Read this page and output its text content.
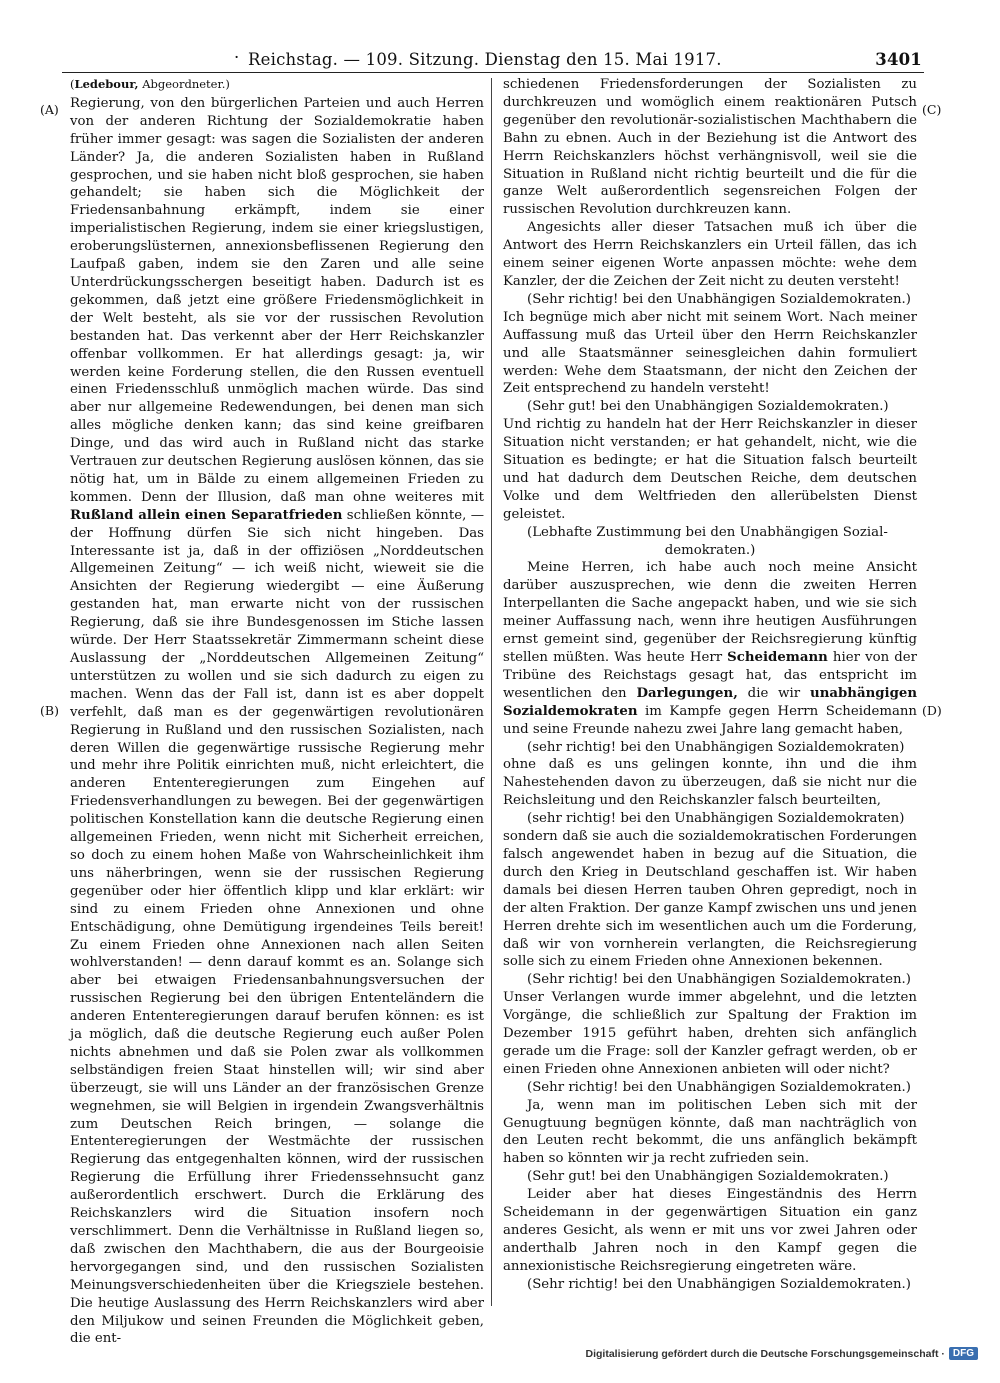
· Reichstag. — 109. Sitzung. Dienstag den 15. Mai 1917.	3401
(A)
(B)
(C)
(D)

(Ledebour, Abgeordneter.)

Regierung, von den bürgerlichen Parteien und auch Herren von der anderen Richtung der Sozialdemokratie haben früher immer gesagt: was sagen die Sozialisten der anderen Länder? Ja, die anderen Sozialisten haben in Rußland gesprochen, und sie haben nicht bloß gesprochen, sie haben gehandelt; sie haben sich die Möglichkeit der Friedensanbahnung erkämpft, indem sie einer imperialistischen Regierung, indem sie einer kriegslustigen, eroberungslüsternen, annexionsbeflissenen Regierung den Laufpaß gaben, indem sie den Zaren und alle seine Unterdrückungsschergen beseitigt haben. Dadurch ist es gekommen, daß jetzt eine größere Friedensmöglichkeit in der Welt besteht, als sie vor der russischen Revolution bestanden hat. Das verkennt aber der Herr Reichskanzler offenbar vollkommen. Er hat allerdings gesagt: ja, wir werden keine Forderung stellen, die den Russen eventuell einen Friedensschluß unmöglich machen würde. Das sind aber nur allgemeine Redewendungen, bei denen man sich alles mögliche denken kann; das sind keine greifbaren Dinge, und das wird auch in Rußland nicht das starke Vertrauen zur deutschen Regierung auslösen können, das sie nötig hat, um in Bälde zu einem allgemeinen Frieden zu kommen. Denn der Illusion, daß man ohne weiteres mit Rußland allein einen Separatfrieden schließen könnte, — der Hoffnung dürfen Sie sich nicht hingeben. Das Interessante ist ja, daß in der offiziösen „Norddeutschen Allgemeinen Zeitung“ — ich weiß nicht, wieweit sie die Ansichten der Regierung wiedergibt — eine Äußerung gestanden hat, man erwarte nicht von der russischen Regierung, daß sie ihre Bundesgenossen im Stiche lassen würde. Der Herr Staatssekretär Zimmermann scheint diese Auslassung der „Norddeutschen Allgemeinen Zeitung“ unterstützen zu wollen und sie sich dadurch zu eigen zu machen. Wenn das der Fall ist, dann ist es aber doppelt verfehlt, daß man es der gegenwärtigen revolutionären Regierung in Rußland und den russischen Sozialisten, nach deren Willen die gegenwärtige russische Regierung mehr und mehr ihre Politik einrichten muß, nicht erleichtert, die anderen Ententeregierungen zum Eingehen auf Friedensverhandlungen zu bewegen. Bei der gegenwärtigen politischen Konstellation kann die deutsche Regierung einen allgemeinen Frieden, wenn nicht mit Sicherheit erreichen, so doch zu einem hohen Maße von Wahrscheinlichkeit ihm uns näherbringen, wenn sie der russischen Regierung gegenüber oder hier öffentlich klipp und klar erklärt: wir sind zu einem Frieden ohne Annexionen und ohne Entschädigung, ohne Demütigung irgendeines Teils bereit! Zu einem Frieden ohne Annexionen nach allen Seiten wohlverstanden! — denn darauf kommt es an. Solange sich aber bei etwaigen Friedensanbahnungsversuchen der russischen Regierung bei den übrigen Ententeländern die anderen Ententeregierungen darauf berufen können: es ist ja möglich, daß die deutsche Regierung euch außer Polen nichts abnehmen und daß sie Polen zwar als vollkommen selbständigen freien Staat hinstellen will; wir sind aber überzeugt, sie will uns Länder an der französischen Grenze wegnehmen, sie will Belgien in irgendein Zwangsverhältnis zum Deutschen Reich bringen, — solange die Ententeregierungen der Westmächte der russischen Regierung das entgegenhalten können, wird der russischen Regierung die Erfüllung ihrer Friedenssehnsucht ganz außerordentlich erschwert. Durch die Erklärung des Reichskanzlers wird die Situation insofern noch verschlimmert. Denn die Verhältnisse in Rußland liegen so, daß zwischen den Machthabern, die aus der Bourgeoisie hervorgegangen sind, und den russischen Sozialisten Meinungsverschiedenheiten über die Kriegsziele bestehen. Die heutige Auslassung des Herrn Reichskanzlers wird aber den Miljukow und seinen Freunden die Möglichkeit geben, die ent-

schiedenen Friedensforderungen der Sozialisten zu durchkreuzen und womöglich einem reaktionären Putsch gegenüber den revolutionär-sozialistischen Machthabern die Bahn zu ebnen. Auch in der Beziehung ist die Antwort des Herrn Reichskanzlers höchst verhängnisvoll, weil sie die Situation in Rußland nicht richtig beurteilt und die für die ganze Welt außerordentlich segensreichen Folgen der russischen Revolution durchkreuzen kann.

Angesichts aller dieser Tatsachen muß ich über die Antwort des Herrn Reichskanzlers ein Urteil fällen, das ich einem seiner eigenen Worte anpassen möchte: wehe dem Kanzler, der die Zeichen der Zeit nicht zu deuten versteht!

(Sehr richtig! bei den Unabhängigen Sozialdemokraten.)

Ich begnüge mich aber nicht mit seinem Wort. Nach meiner Auffassung muß das Urteil über den Herrn Reichskanzler und alle Staatsmänner seinesgleichen dahin formuliert werden: Wehe dem Staatsmann, der nicht den Zeichen der Zeit entsprechend zu handeln versteht!

(Sehr gut! bei den Unabhängigen Sozialdemokraten.)

Und richtig zu handeln hat der Herr Reichskanzler in dieser Situation nicht verstanden; er hat gehandelt, nicht, wie die Situation es bedingte; er hat die Situation falsch beurteilt und hat dadurch dem Deutschen Reiche, dem deutschen Volke und dem Weltfrieden den allerübelsten Dienst geleistet.

(Lebhafte Zustimmung bei den Unabhängigen Sozial-

demokraten.)

Meine Herren, ich habe auch noch meine Ansicht darüber auszusprechen, wie denn die zweiten Herren Interpellanten die Sache angepackt haben, und wie sie sich meiner Auffassung nach, wenn ihre heutigen Ausführungen ernst gemeint sind, gegenüber der Reichsregierung künftig stellen müßten. Was heute Herr Scheidemann hier von der Tribüne des Reichstags gesagt hat, das entspricht im wesentlichen den Darlegungen, die wir unabhängigen Sozialdemokraten im Kampfe gegen Herrn Scheidemann und seine Freunde nahezu zwei Jahre lang gemacht haben,

(sehr richtig! bei den Unabhängigen Sozialdemokraten)

ohne daß es uns gelingen konnte, ihn und die ihm Nahestehenden davon zu überzeugen, daß sie nicht nur die Reichsleitung und den Reichskanzler falsch beurteilten,

(sehr richtig! bei den Unabhängigen Sozialdemokraten)

sondern daß sie auch die sozialdemokratischen Forderungen falsch angewendet haben in bezug auf die Situation, die durch den Krieg in Deutschland geschaffen ist. Wir haben damals bei diesen Herren tauben Ohren gepredigt, noch in der alten Fraktion. Der ganze Kampf zwischen uns und jenen Herren drehte sich im wesentlichen auch um die Forderung, daß wir von vornherein verlangten, die Reichsregierung solle sich zu einem Frieden ohne Annexionen bekennen.

(Sehr richtig! bei den Unabhängigen Sozialdemokraten.)

Unser Verlangen wurde immer abgelehnt, und die letzten Vorgänge, die schließlich zur Spaltung der Fraktion im Dezember 1915 geführt haben, drehten sich anfänglich gerade um die Frage: soll der Kanzler gefragt werden, ob er einen Frieden ohne Annexionen anbieten will oder nicht?

(Sehr richtig! bei den Unabhängigen Sozialdemokraten.)

Ja, wenn man im politischen Leben sich mit der Genugtuung begnügen könnte, daß man nachträglich von den Leuten recht bekommt, die uns anfänglich bekämpft haben so könnten wir ja recht zufrieden sein.

(Sehr gut! bei den Unabhängigen Sozialdemokraten.)

Leider aber hat dieses Eingeständnis des Herrn Scheidemann in der gegenwärtigen Situation ein ganz anderes Gesicht, als wenn er mit uns vor zwei Jahren oder anderthalb Jahren noch in den Kampf gegen die annexionistische Reichsregierung eingetreten wäre.

(Sehr richtig! bei den Unabhängigen Sozialdemokraten.)

Digitalisierung gefördert durch die Deutsche Forschungsgemeinschaft · DFG
